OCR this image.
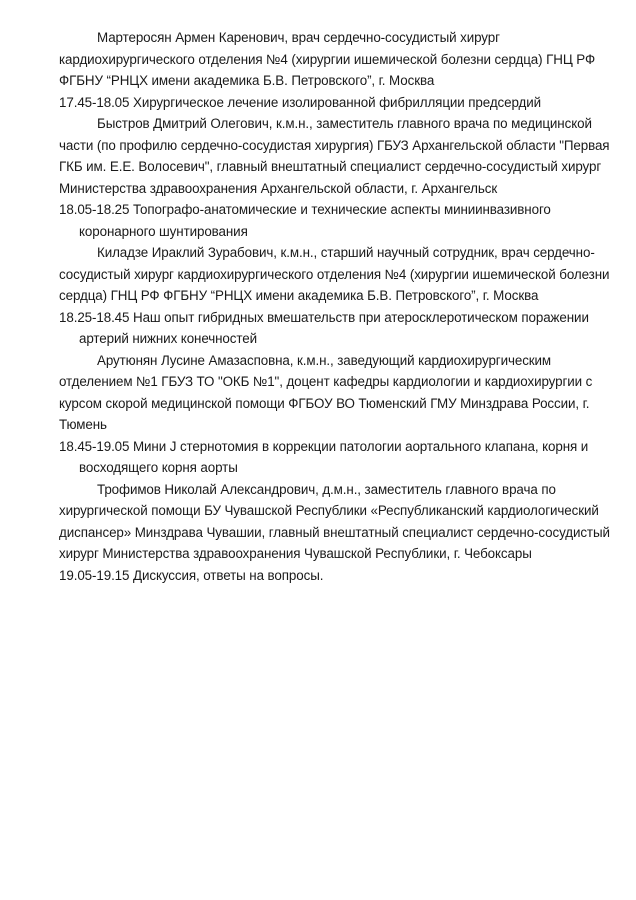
Мартеросян Армен Каренович, врач сердечно-сосудистый хирург кардиохирургического отделения №4 (хирургии ишемической болезни сердца) ГНЦ РФ ФГБНУ “РНЦХ имени академика Б.В. Петровского”, г. Москва

17.45-18.05 Хирургическое лечение изолированной фибрилляции предсердий

Быстров Дмитрий Олегович, к.м.н., заместитель главного врача по медицинской части (по профилю сердечно-сосудистая хирургия) ГБУЗ Архангельской области "Первая ГКБ им. Е.Е. Волосевич", главный внештатный специалист сердечно-сосудистый хирург Министерства здравоохранения Архангельской области, г. Архангельск

18.05-18.25 Топографо-анатомические и технические аспекты миниинвазивного коронарного шунтирования

Киладзе Ираклий Зурабович, к.м.н., старший научный сотрудник, врач сердечно-сосудистый хирург кардиохирургического отделения №4 (хирургии ишемической болезни сердца) ГНЦ РФ ФГБНУ “РНЦХ имени академика Б.В. Петровского”, г. Москва

18.25-18.45 Наш опыт гибридных вмешательств при атеросклеротическом поражении артерий нижних конечностей

Арутюнян Лусине Амазасповна, к.м.н., заведующий кардиохирургическим отделением №1 ГБУЗ ТО "ОКБ №1", доцент кафедры кардиологии и кардиохирургии с курсом скорой медицинской помощи ФГБОУ ВО Тюменский ГМУ Минздрава России, г. Тюмень

18.45-19.05 Мини J стернотомия в коррекции патологии аортального клапана, корня и восходящего корня аорты

Трофимов Николай Александрович, д.м.н., заместитель главного врача по хирургической помощи БУ Чувашской Республики «Республиканский кардиологический диспансер» Минздрава Чувашии, главный внештатный специалист сердечно-сосудистый хирург Министерства здравоохранения Чувашской Республики, г. Чебоксары

19.05-19.15 Дискуссия, ответы на вопросы.
